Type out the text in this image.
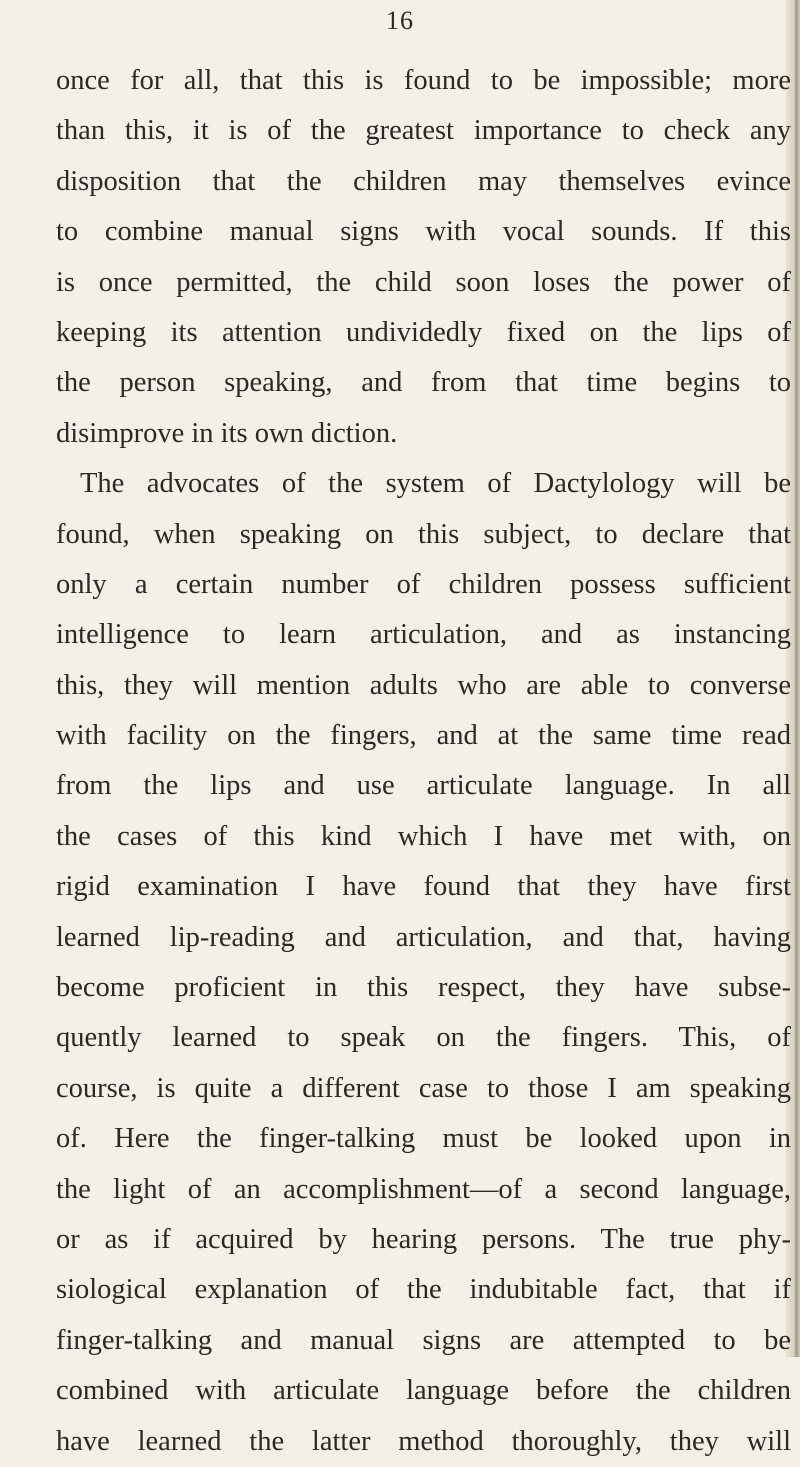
16

once for all, that this is found to be impossible; more
than this, it is of the greatest importance to check any
disposition that the children may themselves evince
to combine manual signs with vocal sounds. If this
is once permitted, the child soon loses the power of
keeping its attention undividedly fixed on the lips of
the person speaking, and from that time begins to
disimprove in its own diction.
The advocates of the system of Dactylology will be
found, when speaking on this subject, to declare that
only a certain number of children possess sufficient
intelligence to learn articulation, and as instancing
this, they will mention adults who are able to converse
with facility on the fingers, and at the same time read
from the lips and use articulate language. In all
the cases of this kind which I have met with, on
rigid examination I have found that they have first
learned lip-reading and articulation, and that, having
become proficient in this respect, they have subse-
quently learned to speak on the fingers. This, of
course, is quite a different case to those I am speaking
of. Here the finger-talking must be looked upon in
the light of an accomplishment—of a second language,
or as if acquired by hearing persons. The true phy-
siological explanation of the indubitable fact, that if
finger-talking and manual signs are attempted to be
combined with articulate language before the children
have learned the latter method thoroughly, they will
